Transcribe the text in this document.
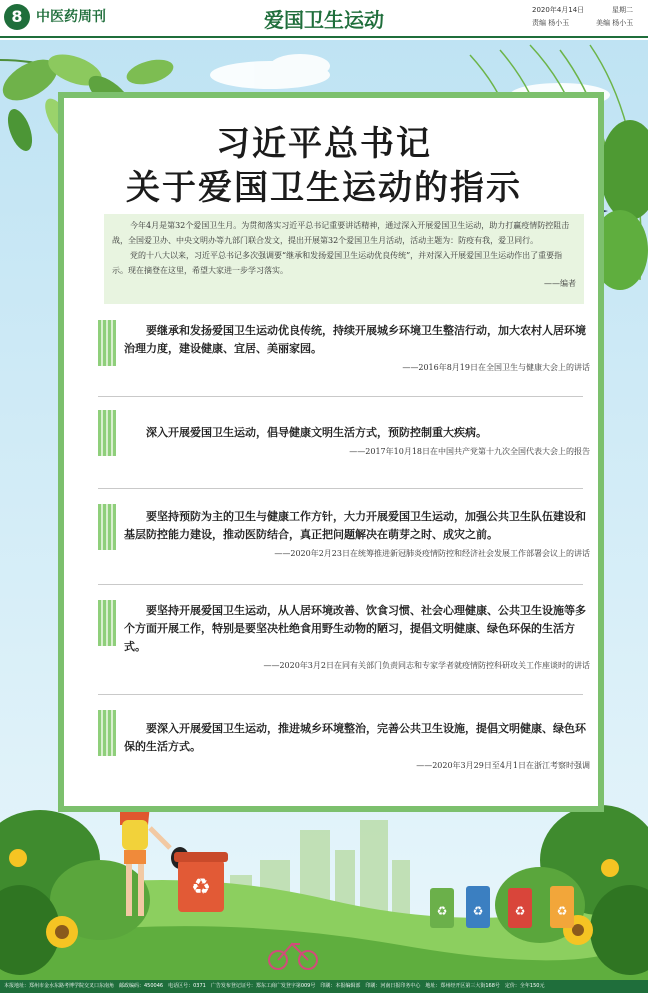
8 中医药周刊	爱国卫生运动	2020年4月14日	星期二
责编 杨小玉	美编 杨小玉
♻
♻ ♻	♻	♻
习近平总书记
关于爱国卫生运动的指示

今年4月是第32个爱国卫生月。为贯彻落实习近平总书记重要讲话精神，通过深入开展爱国卫生运动，助力打赢疫情防控阻击战，全国爱卫办、中央文明办等九部门联合发文，提出开展第32个爱国卫生月活动，活动主题为：防疫有我，爱卫同行。

党的十八大以来，习近平总书记多次强调要“继承和发扬爱国卫生运动优良传统”，并对深入开展爱国卫生运动作出了重要指示。现在摘登在这里，希望大家进一步学习落实。

——编者

要继承和发扬爱国卫生运动优良传统，持续开展城乡环境卫生整洁行动，加大农村人居环境治理力度，建设健康、宜居、美丽家园。

——2016年8月19日在全国卫生与健康大会上的讲话

深入开展爱国卫生运动，倡导健康文明生活方式，预防控制重大疾病。

——2017年10月18日在中国共产党第十九次全国代表大会上的报告

要坚持预防为主的卫生与健康工作方针，大力开展爱国卫生运动，加强公共卫生队伍建设和基层防控能力建设，推动医防结合，真正把问题解决在萌芽之时、成灾之前。

——2020年2月23日在统筹推进新冠肺炎疫情防控和经济社会发展工作部署会议上的讲话

要坚持开展爱国卫生运动，从人居环境改善、饮食习惯、社会心理健康、公共卫生设施等多个方面开展工作，特别是要坚决杜绝食用野生动物的陋习，提倡文明健康、绿色环保的生活方式。

——2020年3月2日在同有关部门负责同志和专家学者就疫情防控科研攻关工作座谈时的讲话

要深入开展爱国卫生运动，推进城乡环境整治，完善公共卫生设施，提倡文明健康、绿色环保的生活方式。

——2020年3月29日至4月1日在浙江考察时强调

本报地址：郑州市金水东路考博学院交叉口东南角　邮政编码：450046　电话区号：0371　广告发布登记证号：郑东工商广发登字第009号　印刷：本报编辑部　印刷：河南日报印务中心　地址：郑州经开区第三大街168号　定价：全年150元
